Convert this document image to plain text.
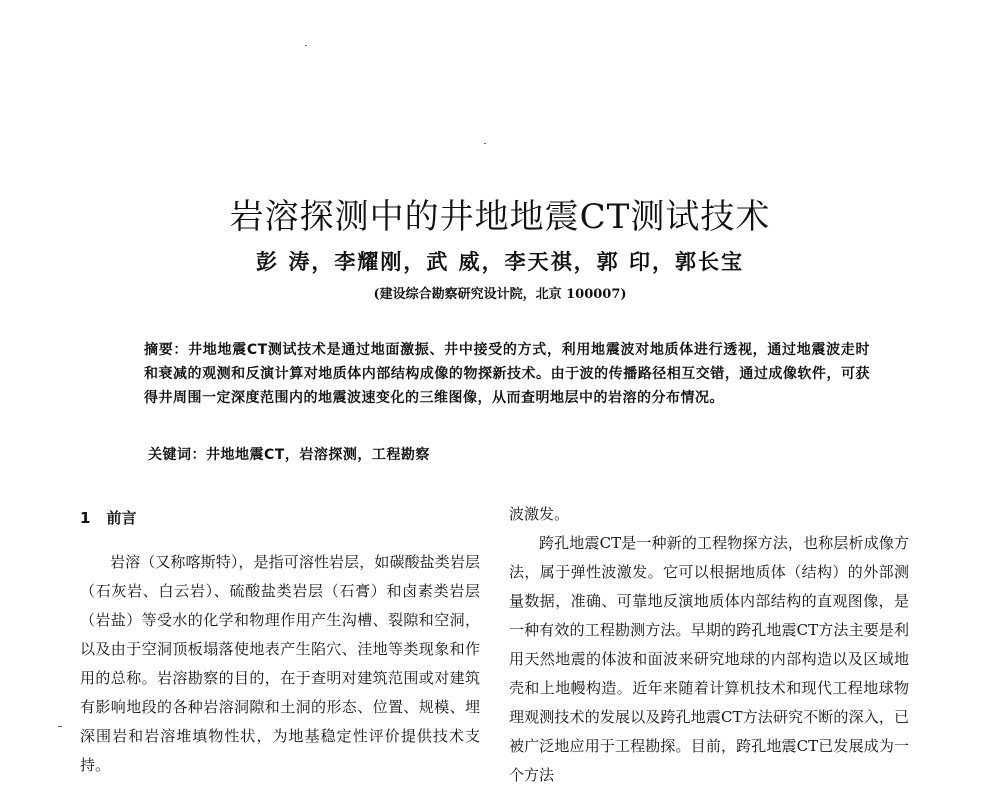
岩溶探测中的井地地震CT测试技术
彭 涛，李耀刚，武 威，李天祺，郭 印，郭长宝
(建设综合勘察研究设计院，北京 100007)
摘要：井地地震CT测试技术是通过地面激振、井中接受的方式，利用地震波对地质体进行透视，通过地震波走时和衰减的观测和反演计算对地质体内部结构成像的物探新技术。由于波的传播路径相互交错，通过成像软件，可获得井周围一定深度范围内的地震波速变化的三维图像，从而查明地层中的岩溶的分布情况。
关键词：井地地震CT，岩溶探测，工程勘察
1 前言

岩溶（又称喀斯特），是指可溶性岩层，如碳酸盐类岩层（石灰岩、白云岩）、硫酸盐类岩层（石膏）和卤素类岩层（岩盐）等受水的化学和物理作用产生沟槽、裂隙和空洞，以及由于空洞顶板塌落使地表产生陷穴、洼地等类现象和作用的总称。岩溶勘察的目的，在于查明对建筑范围或对建筑有影响地段的各种岩溶洞隙和土洞的形态、位置、规模、埋深围岩和岩溶堆填物性状，为地基稳定性评价提供技术支持。

波激发。

跨孔地震CT是一种新的工程物探方法，也称层析成像方法，属于弹性波激发。它可以根据地质体（结构）的外部测量数据，准确、可靠地反演地质体内部结构的直观图像，是一种有效的工程勘测方法。早期的跨孔地震CT方法主要是利用天然地震的体波和面波来研究地球的内部构造以及区域地壳和上地幔构造。近年来随着计算机技术和现代工程地球物理观测技术的发展以及跨孔地震CT方法研究不断的深入，已被广泛地应用于工程勘探。目前，跨孔地震CT已发展成为一个方法
